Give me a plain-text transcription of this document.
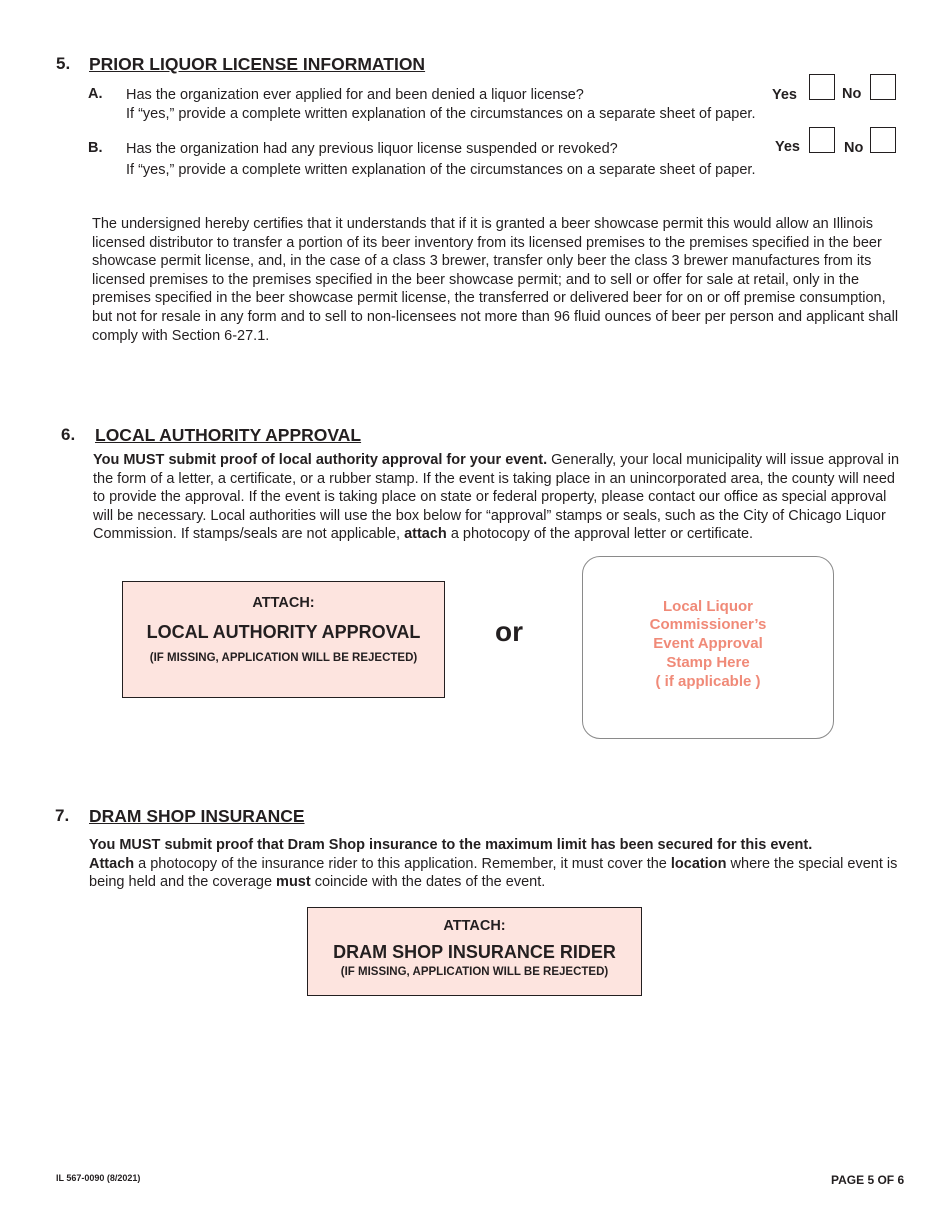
5. PRIOR LIQUOR LICENSE INFORMATION
A. Has the organization ever applied for and been denied a liquor license?
If “yes,” provide a complete written explanation of the circumstances on a separate sheet of paper.
Yes	No
B. Has the organization had any previous liquor license suspended or revoked?
If “yes,” provide a complete written explanation of the circumstances on a separate sheet of paper.
Yes	No
The undersigned hereby certifies that it understands that if it is granted a beer showcase permit this would allow an Illinois licensed distributor to transfer a portion of its beer inventory from its licensed premises to the premises specified in the beer showcase permit license, and, in the case of a class 3 brewer, transfer only beer the class 3 brewer manufactures from its licensed premises to the premises specified in the beer showcase permit; and to sell or offer for sale at retail, only in the premises specified in the beer showcase permit license, the transferred or delivered beer for on or off premise consumption, but not for resale in any form and to sell to non-licensees not more than 96 fluid ounces of beer per person and applicant shall comply with Section 6-27.1.
6. LOCAL AUTHORITY APPROVAL
You MUST submit proof of local authority approval for your event. Generally, your local municipality will issue approval in the form of a letter, a certificate, or a rubber stamp. If the event is taking place in an unincorporated area, the county will need to provide the approval. If the event is taking place on state or federal property, please contact our office as special approval will be necessary. Local authorities will use the box below for “approval” stamps or seals, such as the City of Chicago Liquor Commission. If stamps/seals are not applicable, attach a photocopy of the approval letter or certificate.
ATTACH:
LOCAL AUTHORITY APPROVAL
(IF MISSING, APPLICATION WILL BE REJECTED)
or
Local Liquor
Commissioner’s
Event Approval
Stamp Here
( if applicable )
7. DRAM SHOP INSURANCE
You MUST submit proof that Dram Shop insurance to the maximum limit has been secured for this event.
Attach a photocopy of the insurance rider to this application. Remember, it must cover the location where the special event is being held and the coverage must coincide with the dates of the event.
ATTACH:
DRAM SHOP INSURANCE RIDER
(IF MISSING, APPLICATION WILL BE REJECTED)
IL 567-0090 (8/2021)	PAGE 5 OF 6
